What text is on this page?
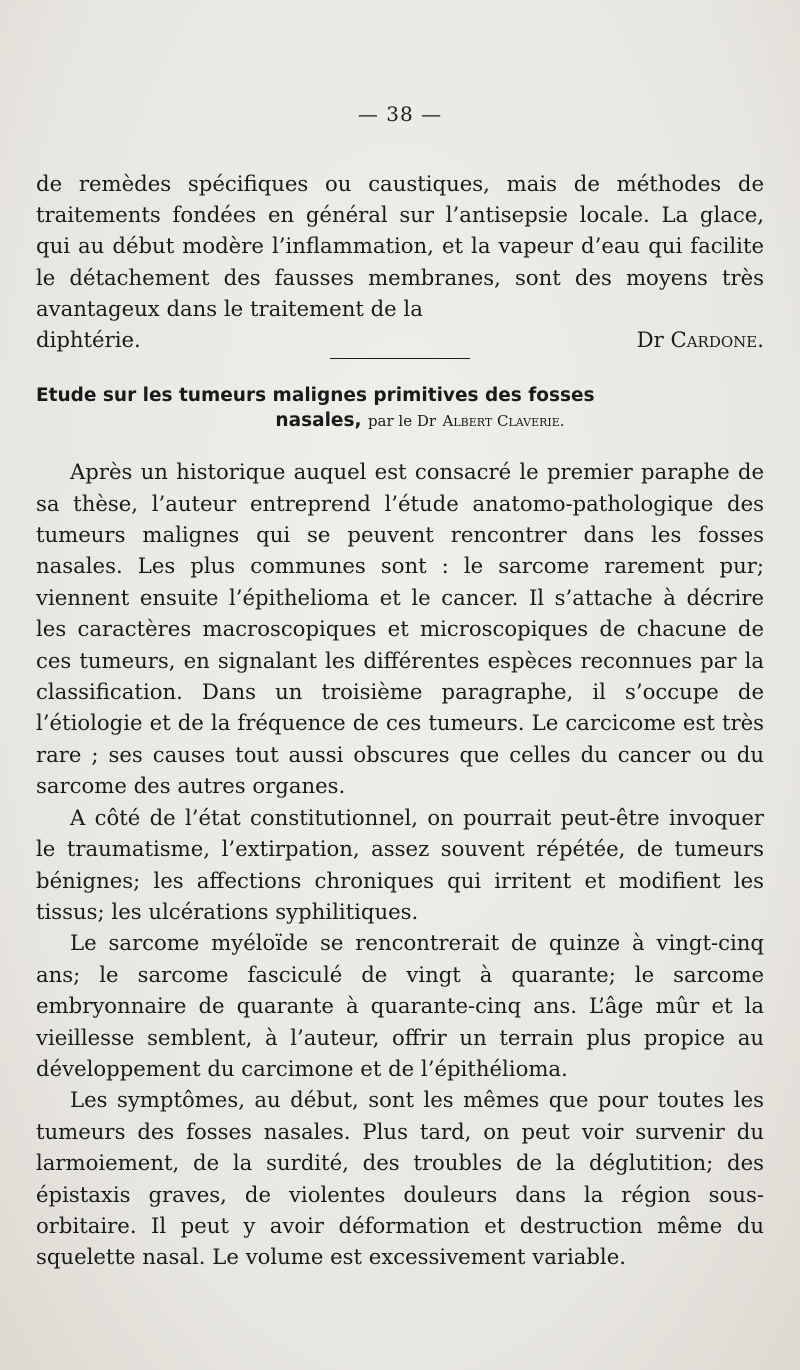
— 38 —

de remèdes spécifiques ou caustiques, mais de méthodes de traitements fondées en général sur l’antisepsie locale. La glace, qui au début modère l’inflammation, et la vapeur d’eau qui facilite le détachement des fausses membranes, sont des moyens très avantageux dans le traitement de la

diphtérie.	Dr Cardone.
Etude sur les tumeurs malignes primitives des fosses
nasales, par le Dr Albert Claverie.

Après un historique auquel est consacré le premier paraphe de sa thèse, l’auteur entreprend l’étude anatomo-pathologique des tumeurs malignes qui se peuvent rencontrer dans les fosses nasales. Les plus communes sont : le sarcome rarement pur; viennent ensuite l’épithelioma et le cancer. Il s’attache à décrire les caractères macroscopiques et microscopiques de chacune de ces tumeurs, en signalant les différentes espèces reconnues par la classification. Dans un troisième paragraphe, il s’occupe de l’étiologie et de la fréquence de ces tumeurs. Le carcicome est très rare ; ses causes tout aussi obscures que celles du cancer ou du sarcome des autres organes.

A côté de l’état constitutionnel, on pourrait peut-être invoquer le traumatisme, l’extirpation, assez souvent répétée, de tumeurs bénignes; les affections chroniques qui irritent et modifient les tissus; les ulcérations syphilitiques.

Le sarcome myéloïde se rencontrerait de quinze à vingt-cinq ans; le sarcome fasciculé de vingt à quarante; le sarcome embryonnaire de quarante à quarante-cinq ans. L’âge mûr et la vieillesse semblent, à l’auteur, offrir un terrain plus propice au développement du carcimone et de l’épithélioma.

Les symptômes, au début, sont les mêmes que pour toutes les tumeurs des fosses nasales. Plus tard, on peut voir survenir du larmoiement, de la surdité, des troubles de la déglutition; des épistaxis graves, de violentes douleurs dans la région sous-orbitaire. Il peut y avoir déformation et destruction même du squelette nasal. Le volume est excessivement variable.
